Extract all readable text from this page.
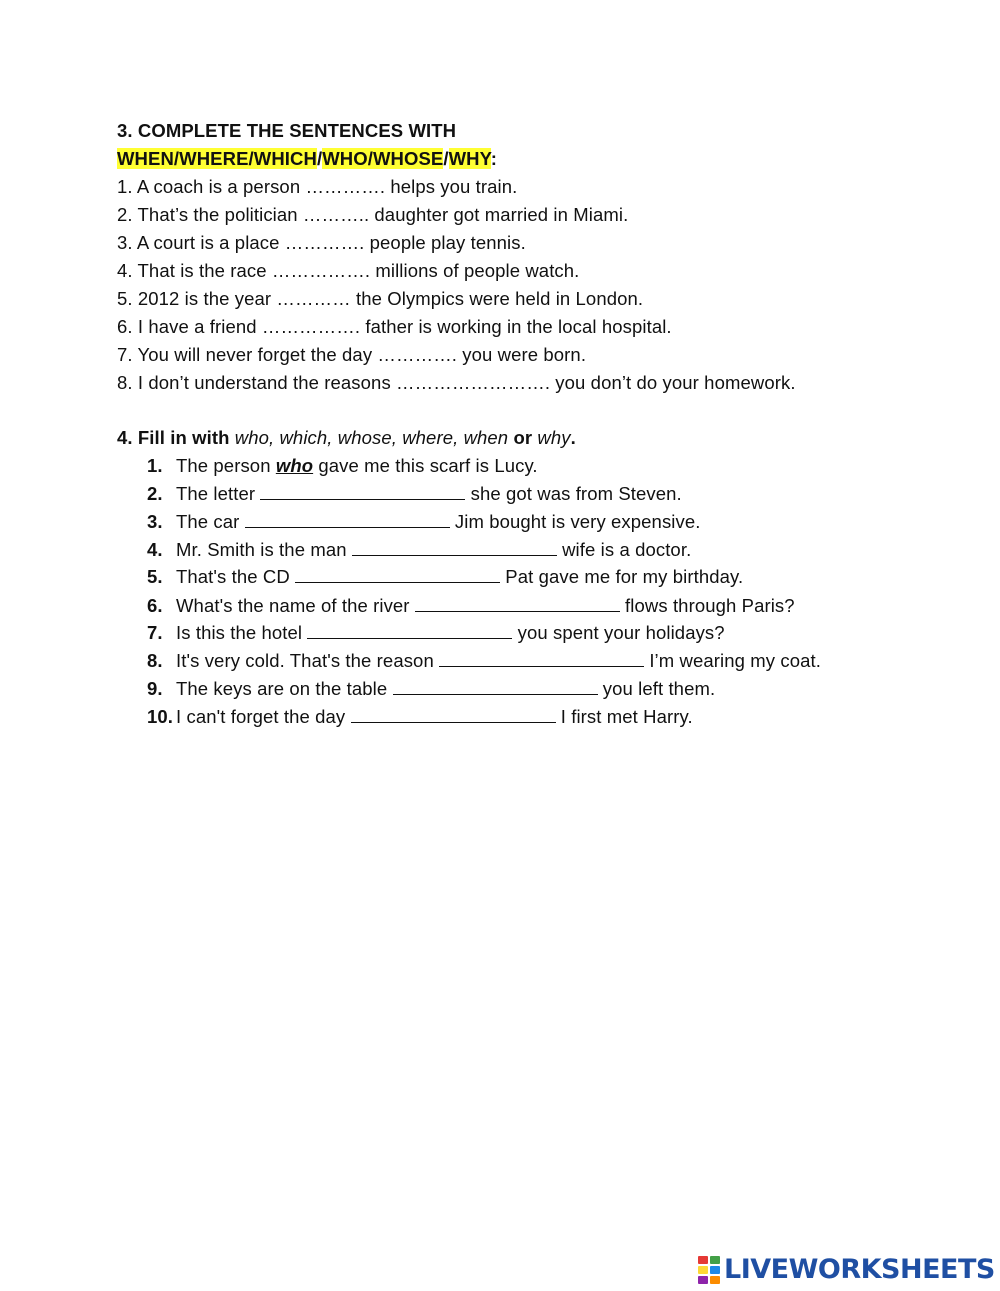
3. COMPLETE THE SENTENCES WITH
WHEN/WHERE/WHICH/WHO/WHOSE/WHY:
1. A coach is a person …………. helps you train.
2. That’s the politician ……….. daughter got married in Miami.
3. A court is a place …………. people play tennis.
4. That is the race ……………. millions of people watch.
5. 2012 is the year ………… the Olympics were held in London.
6. I have a friend ……………. father is working in the local hospital.
7. You will never forget the day …………. you were born.
8. I don’t understand the reasons ……………………. you don’t do your homework.
4. Fill in with who, which, whose, where, when or why.
1. The person who gave me this scarf is Lucy.
2. The letter	she got was from Steven.
3. The car	Jim bought is very expensive.
4. Mr. Smith is the man	wife is a doctor.
5. That's the CD	Pat gave me for my birthday.
6. What's the name of the river	flows through Paris?
7. Is this the hotel	you spent your holidays?
8. It's very cold. That's the reason	I’m wearing my coat.
9. The keys are on the table	you left them.
10. I can't forget the day	I first met Harry.
LIVEWORKSHEETS
